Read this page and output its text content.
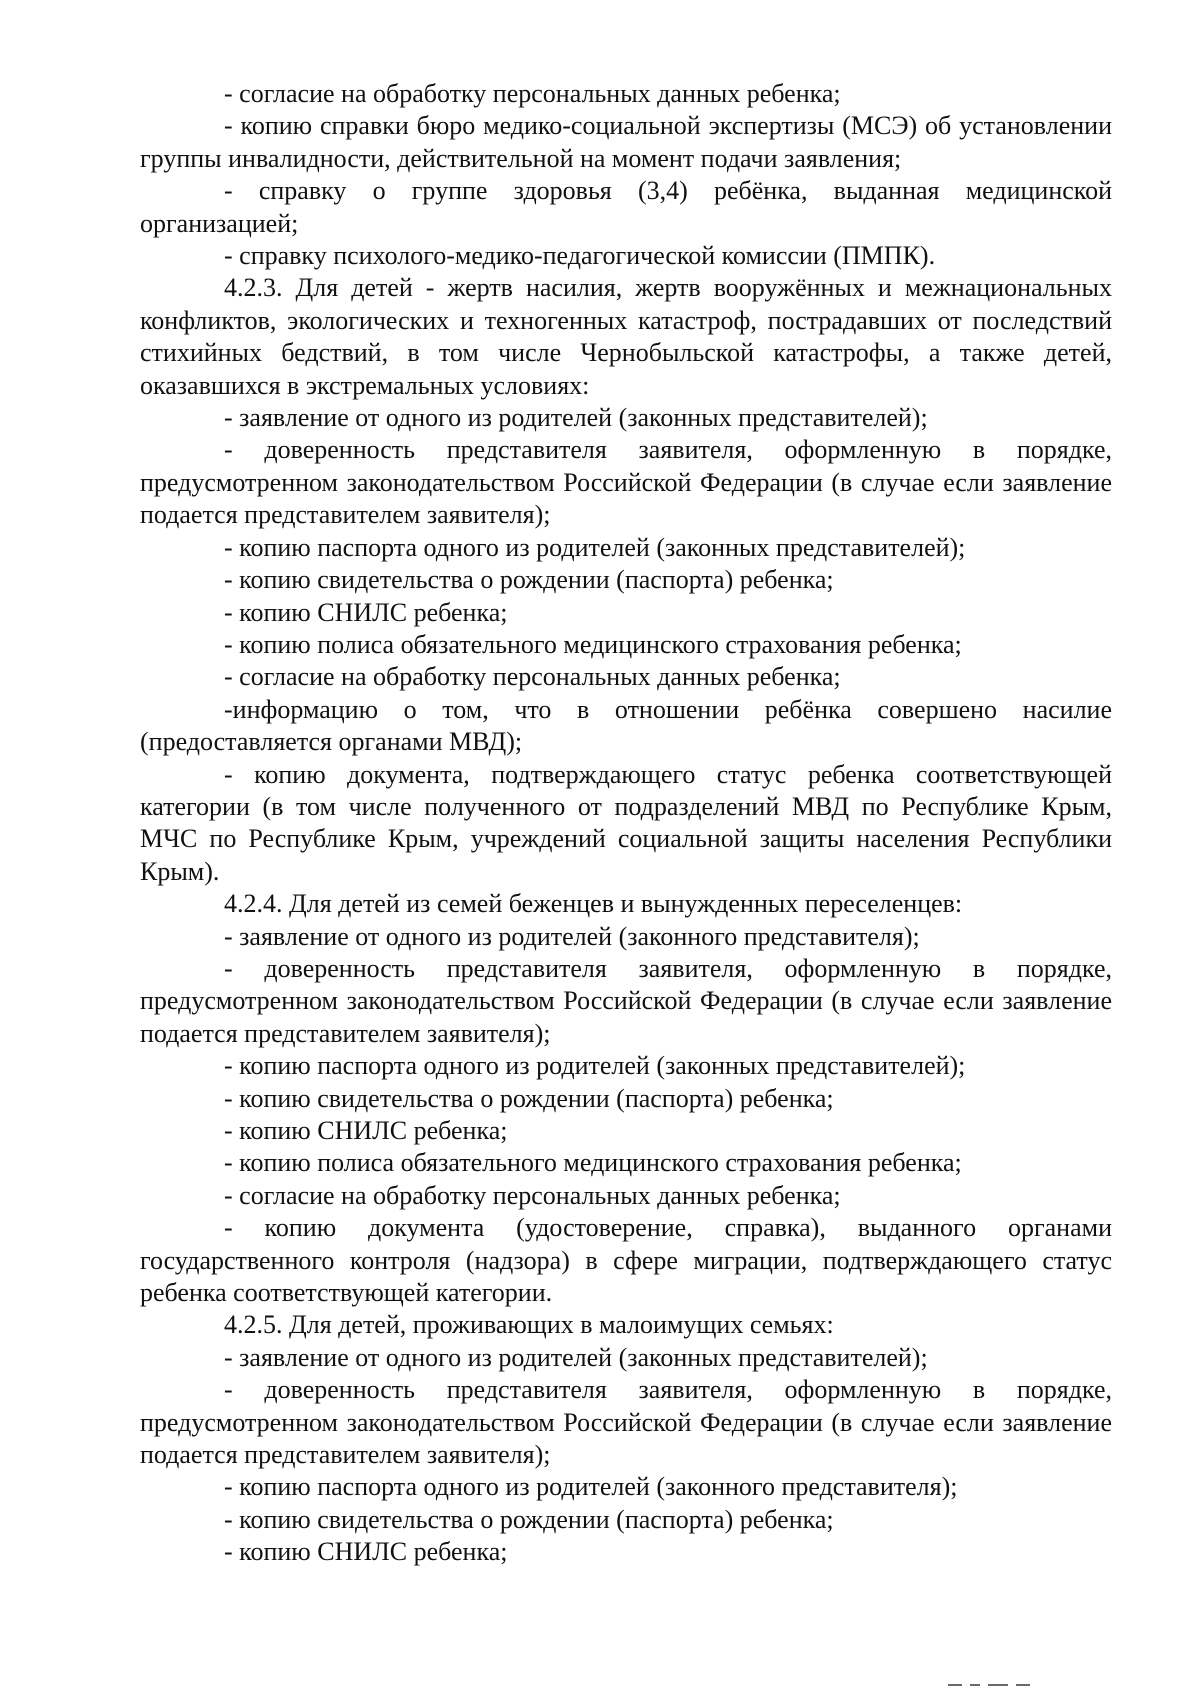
- согласие на обработку персональных данных ребенка;

- копию справки бюро медико-социальной экспертизы (МСЭ) об установлении группы инвалидности, действительной на момент подачи заявления;

- справку о группе здоровья (3,4) ребёнка, выданная медицинской организацией;

- справку психолого-медико-педагогической комиссии (ПМПК).

4.2.3. Для детей - жертв насилия, жертв вооружённых и межнациональных конфликтов, экологических и техногенных катастроф, пострадавших от последствий стихийных бедствий, в том числе Чернобыльской катастрофы, а также детей, оказавшихся в экстремальных условиях:

- заявление от одного из родителей (законных представителей);

- доверенность представителя заявителя, оформленную в порядке, предусмотренном законодательством Российской Федерации (в случае если заявление подается представителем заявителя);

- копию паспорта одного из родителей (законных представителей);

- копию свидетельства о рождении (паспорта) ребенка;

- копию СНИЛС ребенка;

- копию полиса обязательного медицинского страхования ребенка;

- согласие на обработку персональных данных ребенка;

-информацию о том, что в отношении ребёнка совершено насилие (предоставляется органами МВД);

- копию документа, подтверждающего статус ребенка соответствующей категории (в том числе полученного от подразделений МВД по Республике Крым, МЧС по Республике Крым, учреждений социальной защиты населения Республики Крым).

4.2.4. Для детей из семей беженцев и вынужденных переселенцев:

- заявление от одного из родителей (законного представителя);

- доверенность представителя заявителя, оформленную в порядке, предусмотренном законодательством Российской Федерации (в случае если заявление подается представителем заявителя);

- копию паспорта одного из родителей (законных представителей);

- копию свидетельства о рождении (паспорта) ребенка;

- копию СНИЛС ребенка;

- копию полиса обязательного медицинского страхования ребенка;

- согласие на обработку персональных данных ребенка;

- копию документа (удостоверение, справка), выданного органами государственного контроля (надзора) в сфере миграции, подтверждающего статус ребенка соответствующей категории.

4.2.5. Для детей, проживающих в малоимущих семьях:

- заявление от одного из родителей (законных представителей);

- доверенность представителя заявителя, оформленную в порядке, предусмотренном законодательством Российской Федерации (в случае если заявление подается представителем заявителя);

- копию паспорта одного из родителей (законного представителя);

- копию свидетельства о рождении (паспорта) ребенка;

- копию СНИЛС ребенка;
